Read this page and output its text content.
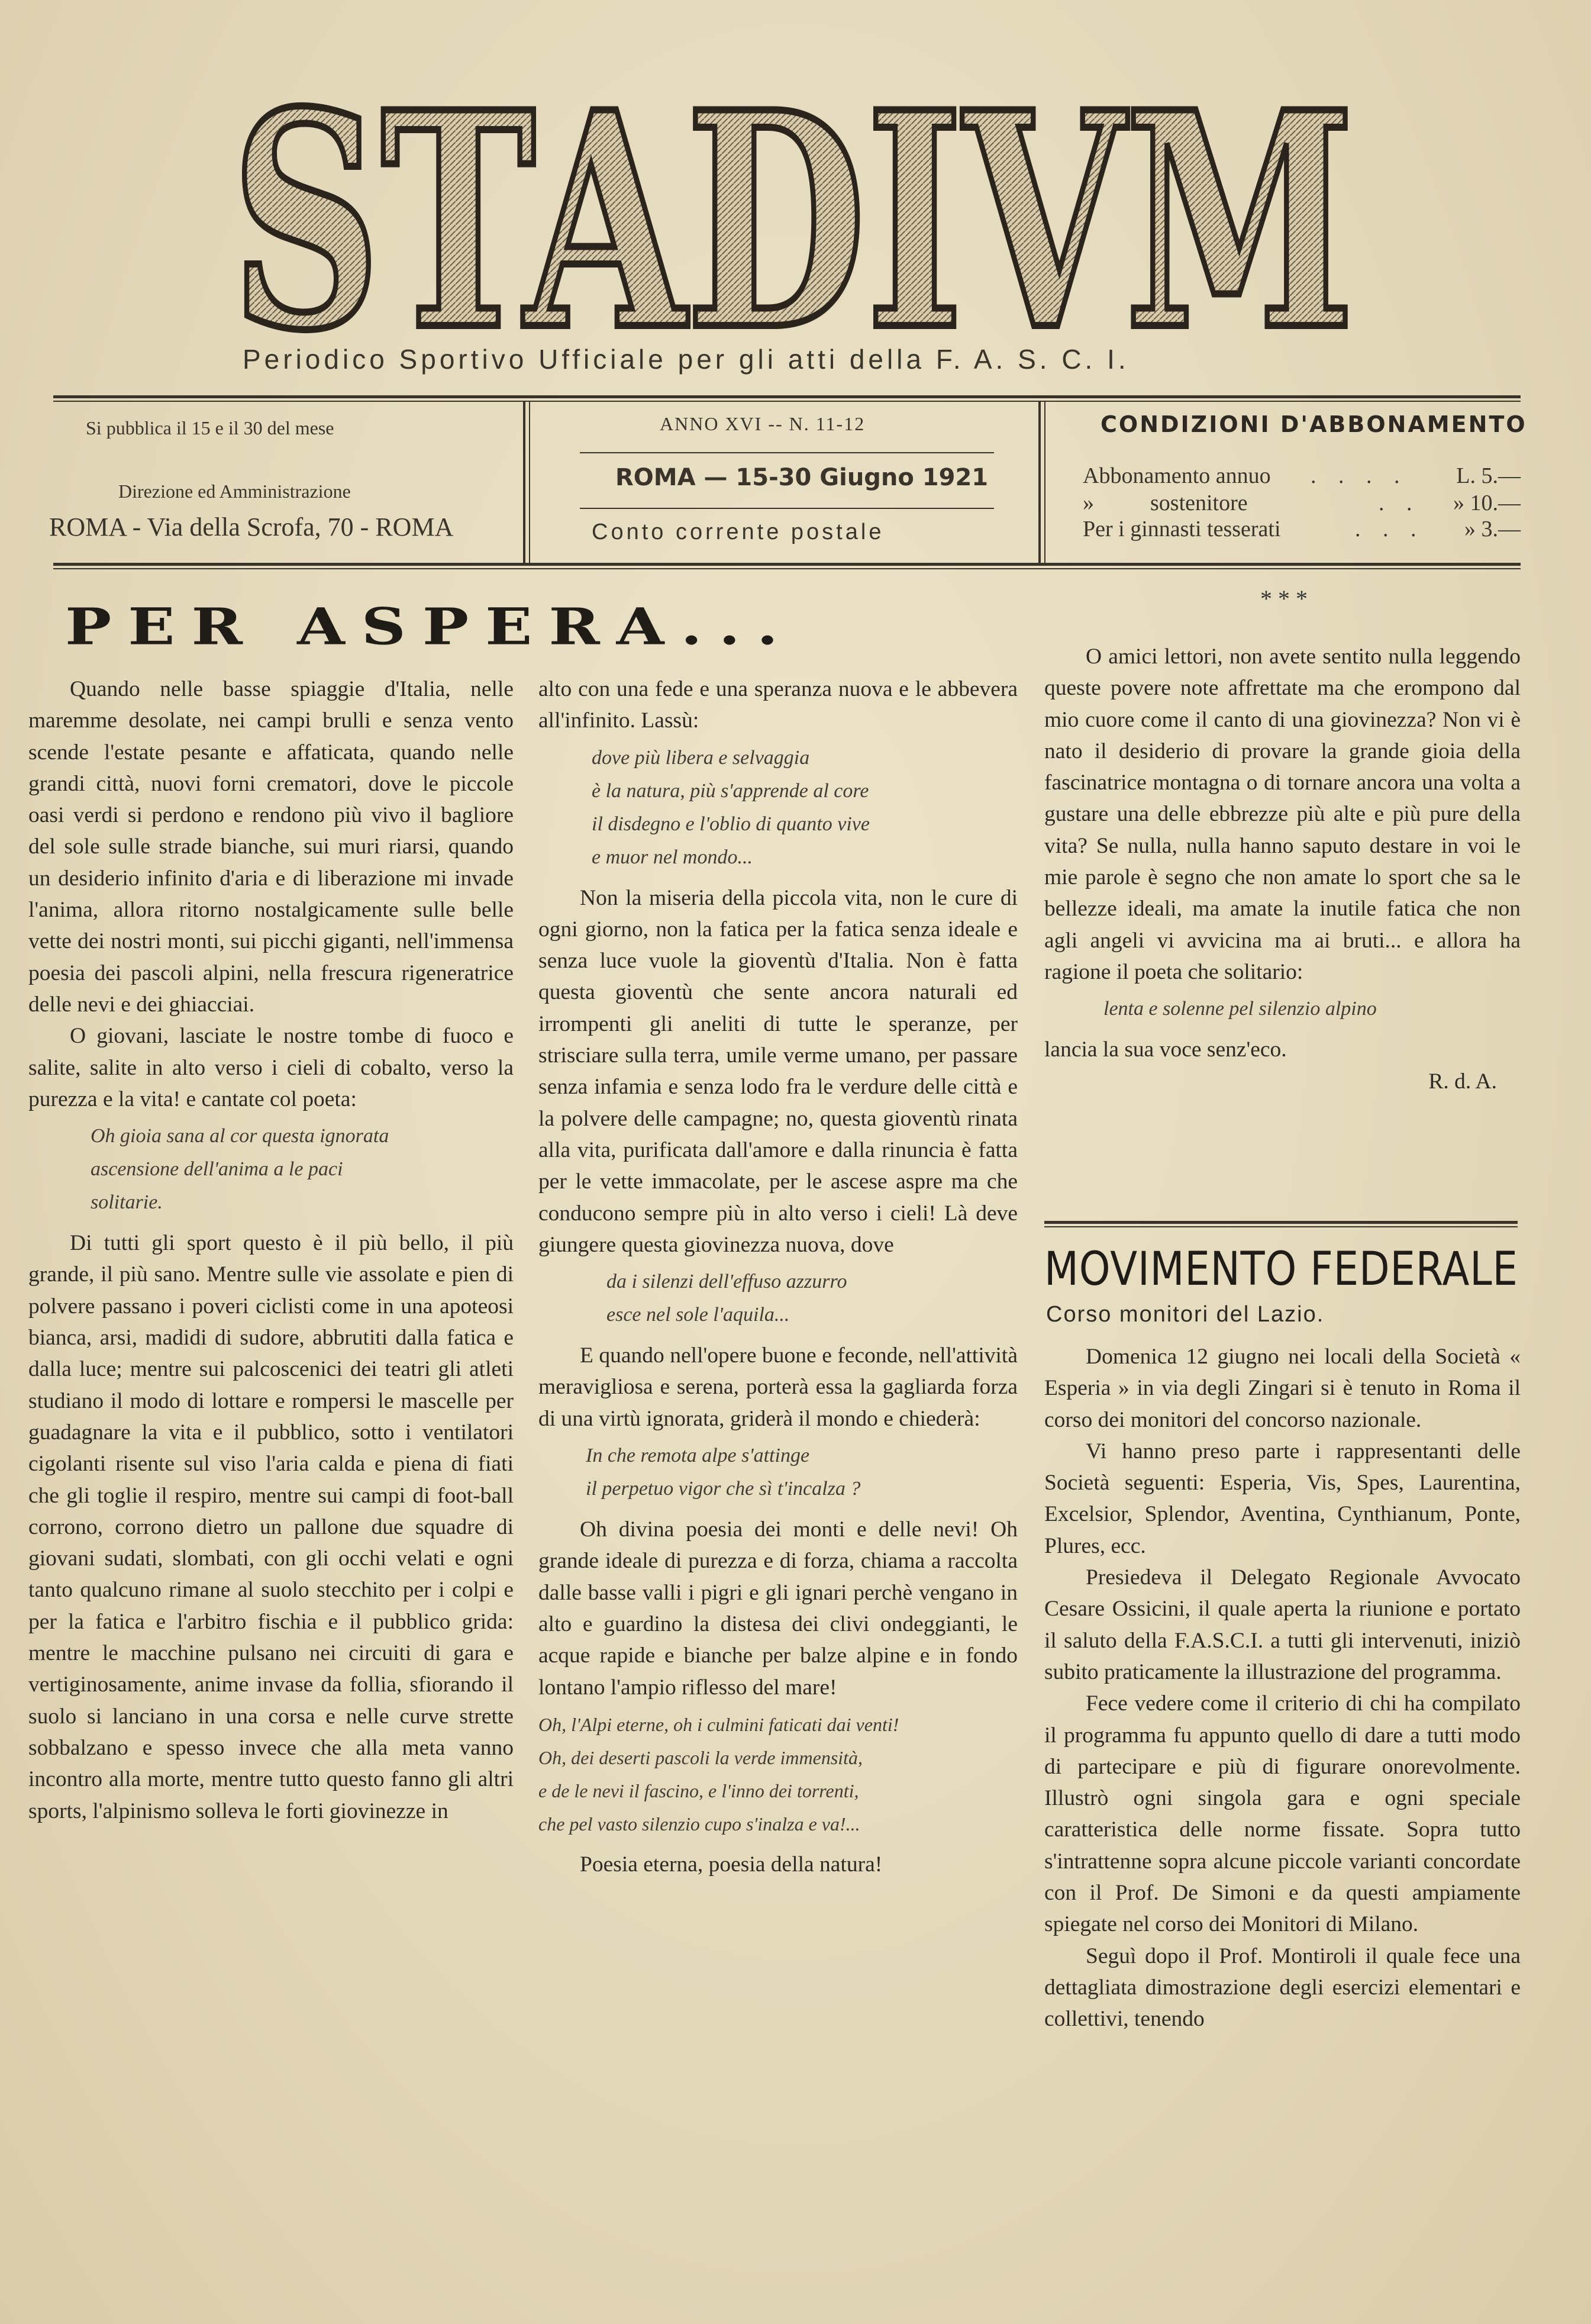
STADIVM
Periodico Sportivo Ufficiale per gli atti della F. A. S. C. I.
Si pubblica il 15 e il 30 del mese
Direzione ed Amministrazione
ROMA - Via della Scrofa, 70 - ROMA
ANNO XVI -- N. 11-12
ROMA — 15-30 Giugno 1921
Conto corrente postale
CONDIZIONI D'ABBONAMENTO
Abbonamento annuo . . . . L. 5.—
»          sostenitore	. . » 10.—
Per i ginnasti tesserati	. . . » 3.—
PER ASPERA...

Quando nelle basse spiaggie d'Italia, nelle maremme desolate, nei campi brulli e senza vento scende l'estate pesante e affaticata, quando nelle grandi città, nuovi forni crematori, dove le piccole oasi verdi si perdono e rendono più vivo il bagliore del sole sulle strade bianche, sui muri riarsi, quando un desiderio infinito d'aria e di liberazione mi invade l'anima, allora ritorno nostalgicamente sulle belle vette dei nostri monti, sui picchi giganti, nell'immensa poesia dei pascoli alpini, nella frescura rigeneratrice delle nevi e dei ghiacciai.

O giovani, lasciate le nostre tombe di fuoco e salite, salite in alto verso i cieli di cobalto, verso la purezza e la vita! e cantate col poeta:

Oh gioia sana al cor questa ignorata
ascensione dell'anima a le paci
solitarie.

Di tutti gli sport questo è il più bello, il più grande, il più sano. Mentre sulle vie assolate e pien di polvere passano i poveri ciclisti come in una apoteosi bianca, arsi, madidi di sudore, abbrutiti dalla fatica e dalla luce; mentre sui palcoscenici dei teatri gli atleti studiano il modo di lottare e rompersi le mascelle per guadagnare la vita e il pubblico, sotto i ventilatori cigolanti risente sul viso l'aria calda e piena di fiati che gli toglie il respiro, mentre sui campi di foot-ball corrono, corrono dietro un pallone due squadre di giovani sudati, slombati, con gli occhi velati e ogni tanto qualcuno rimane al suolo stecchito per i colpi e per la fatica e l'arbitro fischia e il pubblico grida: mentre le macchine pulsano nei circuiti di gara e vertiginosamente, anime invase da follia, sfiorando il suolo si lanciano in una corsa e nelle curve strette sobbalzano e spesso invece che alla meta vanno incontro alla morte, mentre tutto questo fanno gli altri sports, l'alpinismo solleva le forti giovinezze in

alto con una fede e una speranza nuova e le abbevera all'infinito. Lassù:

dove più libera e selvaggia
è la natura, più s'apprende al core
il disdegno e l'oblio di quanto vive
e muor nel mondo...

Non la miseria della piccola vita, non le cure di ogni giorno, non la fatica per la fatica senza ideale e senza luce vuole la gioventù d'Italia. Non è fatta questa gioventù che sente ancora naturali ed irrompenti gli aneliti di tutte le speranze, per strisciare sulla terra, umile verme umano, per passare senza infamia e senza lodo fra le verdure delle città e la polvere delle campagne; no, questa gioventù rinata alla vita, purificata dall'amore e dalla rinuncia è fatta per le vette immacolate, per le ascese aspre ma che conducono sempre più in alto verso i cieli! Là deve giungere questa giovinezza nuova, dove

da i silenzi dell'effuso azzurro
esce nel sole l'aquila...

E quando nell'opere buone e feconde, nell'attività meravigliosa e serena, porterà essa la gagliarda forza di una virtù ignorata, griderà il mondo e chiederà:

In che remota alpe s'attinge
il perpetuo vigor che sì t'incalza ?

Oh divina poesia dei monti e delle nevi! Oh grande ideale di purezza e di forza, chiama a raccolta dalle basse valli i pigri e gli ignari perchè vengano in alto e guardino la distesa dei clivi ondeggianti, le acque rapide e bianche per balze alpine e in fondo lontano l'ampio riflesso del mare!

Oh, l'Alpi eterne, oh i culmini faticati dai venti!
Oh, dei deserti pascoli la verde immensità,
e de le nevi il fascino, e l'inno dei torrenti,
che pel vasto silenzio cupo s'inalza e va!...

Poesia eterna, poesia della natura!

* * *

O amici lettori, non avete sentito nulla leggendo queste povere note affrettate ma che erompono dal mio cuore come il canto di una giovinezza? Non vi è nato il desiderio di provare la grande gioia della fascinatrice montagna o di tornare ancora una volta a gustare una delle ebbrezze più alte e più pure della vita? Se nulla, nulla hanno saputo destare in voi le mie parole è segno che non amate lo sport che sa le bellezze ideali, ma amate la inutile fatica che non agli angeli vi avvicina ma ai bruti... e allora ha ragione il poeta che solitario:

lenta e solenne pel silenzio alpino

lancia la sua voce senz'eco.

R. d. A.

MOVIMENTO FEDERALE
Corso monitori del Lazio.

Domenica 12 giugno nei locali della Società « Esperia » in via degli Zingari si è tenuto in Roma il corso dei monitori del concorso nazionale.

Vi hanno preso parte i rappresentanti delle Società seguenti: Esperia, Vis, Spes, Laurentina, Excelsior, Splendor, Aventina, Cynthianum, Ponte, Plures, ecc.

Presiedeva il Delegato Regionale Avvocato Cesare Ossicini, il quale aperta la riunione e portato il saluto della F.A.S.C.I. a tutti gli intervenuti, iniziò subito praticamente la illustrazione del programma.

Fece vedere come il criterio di chi ha compilato il programma fu appunto quello di dare a tutti modo di partecipare e più di figurare onorevolmente. Illustrò ogni singola gara e ogni speciale caratteristica delle norme fissate. Sopra tutto s'intrattenne sopra alcune piccole varianti concordate con il Prof. De Simoni e da questi ampiamente spiegate nel corso dei Monitori di Milano.

Seguì dopo il Prof. Montiroli il quale fece una dettagliata dimostrazione degli esercizi elementari e collettivi, tenendo
